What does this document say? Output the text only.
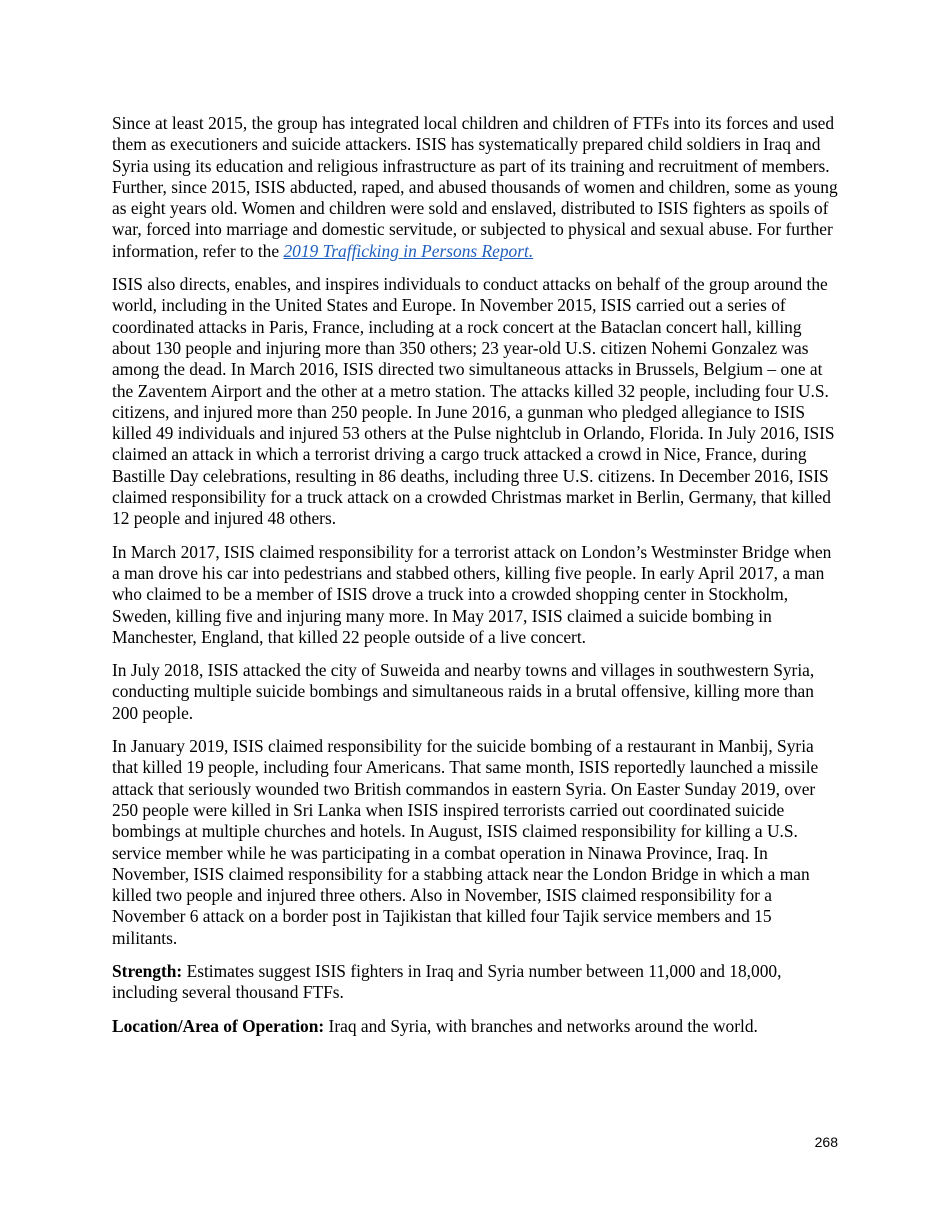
Since at least 2015, the group has integrated local children and children of FTFs into its forces and used them as executioners and suicide attackers. ISIS has systematically prepared child soldiers in Iraq and Syria using its education and religious infrastructure as part of its training and recruitment of members. Further, since 2015, ISIS abducted, raped, and abused thousands of women and children, some as young as eight years old. Women and children were sold and enslaved, distributed to ISIS fighters as spoils of war, forced into marriage and domestic servitude, or subjected to physical and sexual abuse. For further information, refer to the 2019 Trafficking in Persons Report.

ISIS also directs, enables, and inspires individuals to conduct attacks on behalf of the group around the world, including in the United States and Europe. In November 2015, ISIS carried out a series of coordinated attacks in Paris, France, including at a rock concert at the Bataclan concert hall, killing about 130 people and injuring more than 350 others; 23 year-old U.S. citizen Nohemi Gonzalez was among the dead. In March 2016, ISIS directed two simultaneous attacks in Brussels, Belgium – one at the Zaventem Airport and the other at a metro station. The attacks killed 32 people, including four U.S. citizens, and injured more than 250 people. In June 2016, a gunman who pledged allegiance to ISIS killed 49 individuals and injured 53 others at the Pulse nightclub in Orlando, Florida. In July 2016, ISIS claimed an attack in which a terrorist driving a cargo truck attacked a crowd in Nice, France, during Bastille Day celebrations, resulting in 86 deaths, including three U.S. citizens. In December 2016, ISIS claimed responsibility for a truck attack on a crowded Christmas market in Berlin, Germany, that killed 12 people and injured 48 others.

In March 2017, ISIS claimed responsibility for a terrorist attack on London’s Westminster Bridge when a man drove his car into pedestrians and stabbed others, killing five people. In early April 2017, a man who claimed to be a member of ISIS drove a truck into a crowded shopping center in Stockholm, Sweden, killing five and injuring many more. In May 2017, ISIS claimed a suicide bombing in Manchester, England, that killed 22 people outside of a live concert.

In July 2018, ISIS attacked the city of Suweida and nearby towns and villages in southwestern Syria, conducting multiple suicide bombings and simultaneous raids in a brutal offensive, killing more than 200 people.

In January 2019, ISIS claimed responsibility for the suicide bombing of a restaurant in Manbij, Syria that killed 19 people, including four Americans. That same month, ISIS reportedly launched a missile attack that seriously wounded two British commandos in eastern Syria. On Easter Sunday 2019, over 250 people were killed in Sri Lanka when ISIS inspired terrorists carried out coordinated suicide bombings at multiple churches and hotels. In August, ISIS claimed responsibility for killing a U.S. service member while he was participating in a combat operation in Ninawa Province, Iraq. In November, ISIS claimed responsibility for a stabbing attack near the London Bridge in which a man killed two people and injured three others. Also in November, ISIS claimed responsibility for a November 6 attack on a border post in Tajikistan that killed four Tajik service members and 15 militants.

Strength: Estimates suggest ISIS fighters in Iraq and Syria number between 11,000 and 18,000, including several thousand FTFs.

Location/Area of Operation: Iraq and Syria, with branches and networks around the world.

268
